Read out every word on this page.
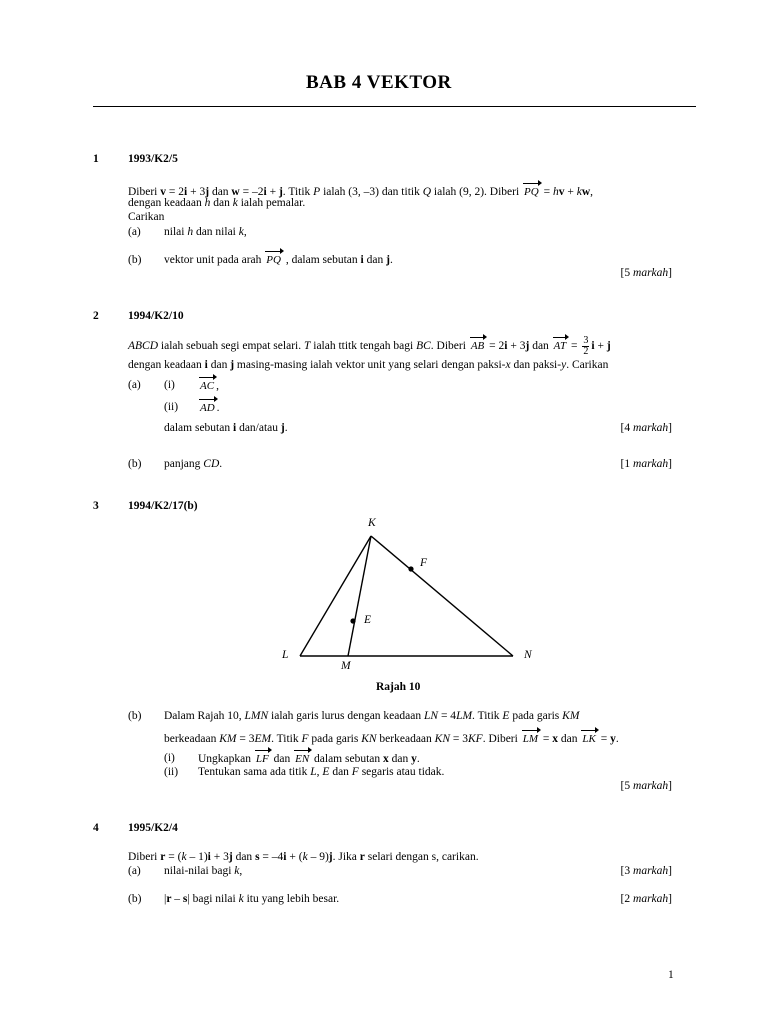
BAB 4 VEKTOR
1	1993/K2/5
Diberi v = 2i + 3j dan w = –2i + j. Titik P ialah (3, –3) dan titik Q ialah (9, 2). Diberi PQ = hv + kw,
dengan keadaan h dan k ialah pemalar.
Carikan
(a) nilai h dan nilai k,
(b) vektor unit pada arah PQ , dalam sebutan i dan j.
[5 markah]
2	1994/K2/10
ABCD ialah sebuah segi empat selari. T ialah ttitk tengah bagi BC. Diberi AB = 2i + 3j dan AT = $\frac{3}{2}$ i + j
dengan keadaan i dan j masing-masing ialah vektor unit yang selari dengan paksi-x dan paksi-y. Carikan
(a) (i) AC ,
(ii) AD .
dalam sebutan i dan/atau j.	[4 markah]
(b) panjang CD.	[1 markah]
3	1994/K2/17(b)
K
F
E
L
M
N
Rajah 10
(b) Dalam Rajah 10, LMN ialah garis lurus dengan keadaan LN = 4LM. Titik E pada garis KM
berkeadaan KM = 3EM. Titik F pada garis KN berkeadaan KN = 3KF. Diberi LM = x dan LK = y.
(i) Ungkapkan LF dan EN dalam sebutan x dan y.
(ii) Tentukan sama ada titik L, E dan F segaris atau tidak.
[5 markah]
4	1995/K2/4
Diberi r = (k – 1)i + 3j dan s = –4i + (k – 9)j. Jika r selari dengan s, carikan.
(a) nilai-nilai bagi k,	[3 markah]
(b) |r – s| bagi nilai k itu yang lebih besar.	[2 markah]
1
